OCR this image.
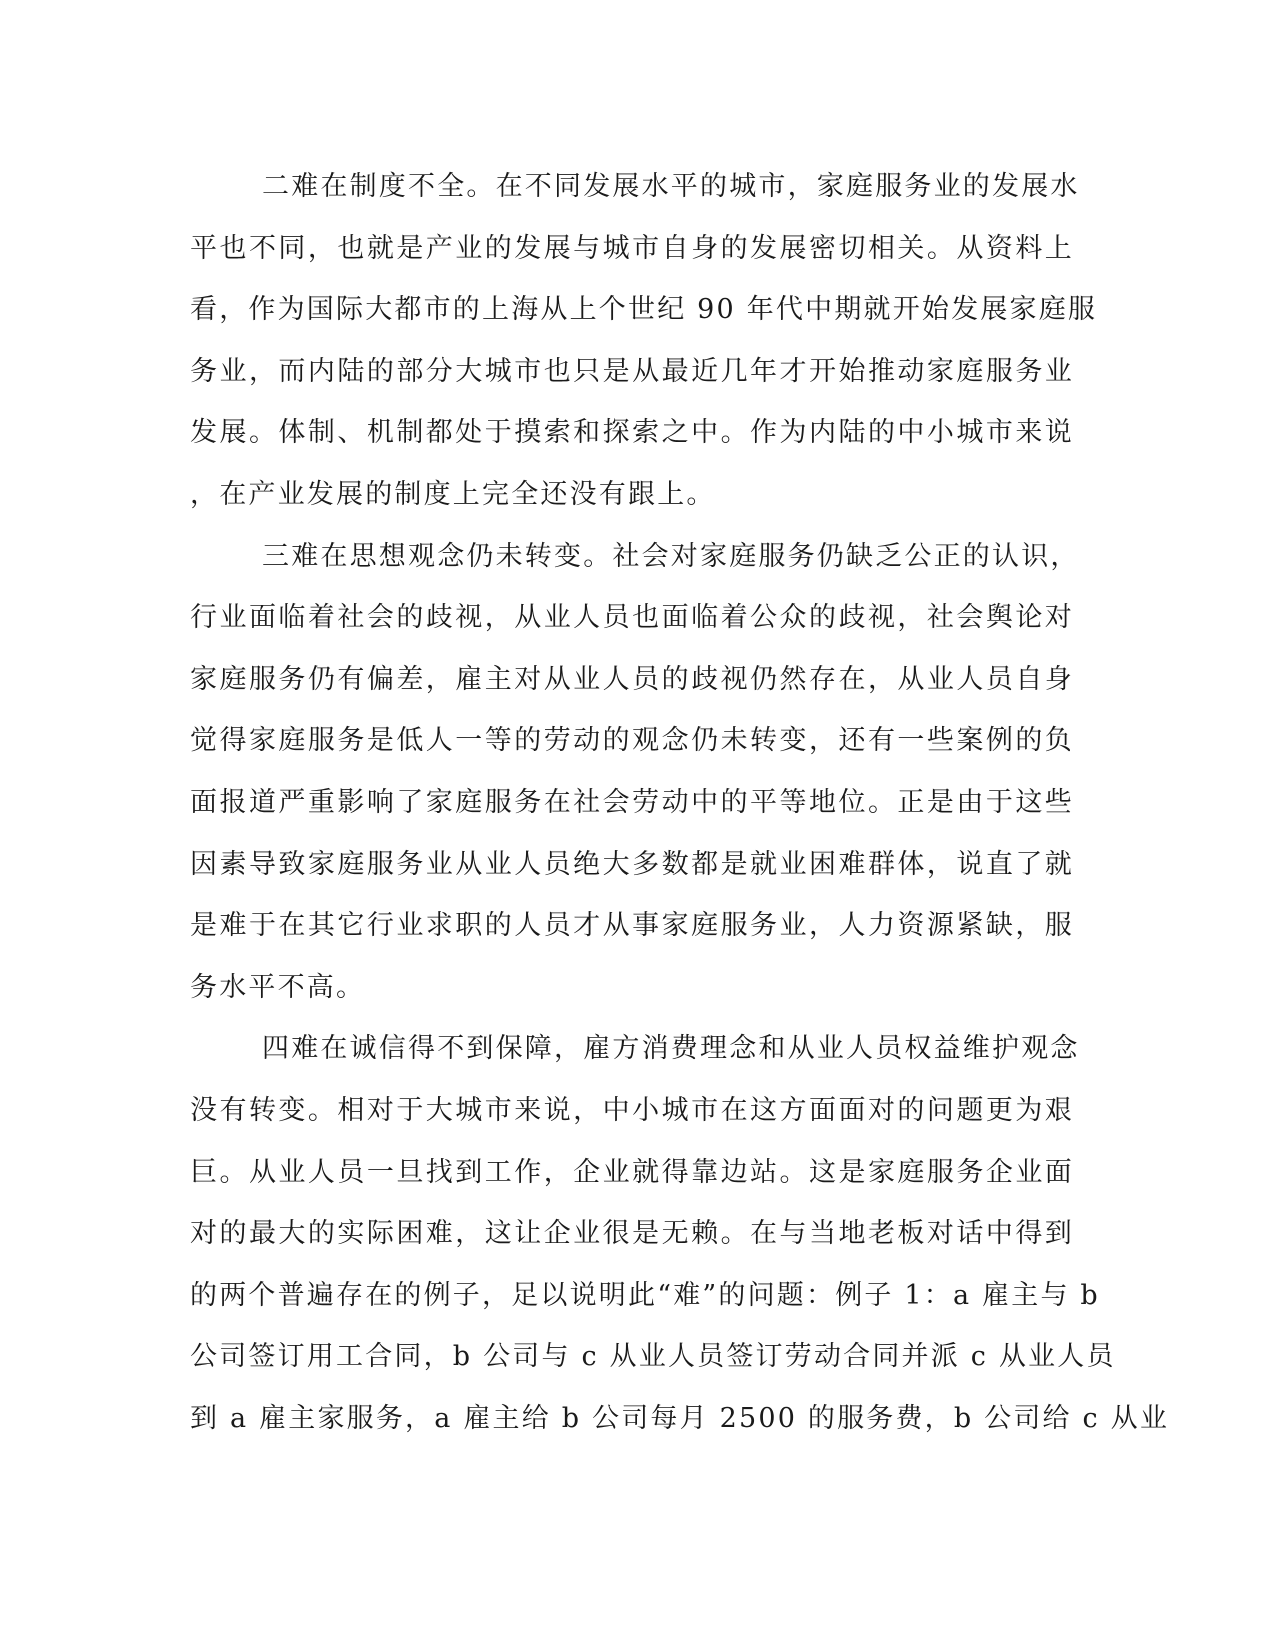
二难在制度不全。在不同发展水平的城市，家庭服务业的发展水
平也不同，也就是产业的发展与城市自身的发展密切相关。从资料上
看，作为国际大都市的上海从上个世纪 90 年代中期就开始发展家庭服
务业，而内陆的部分大城市也只是从最近几年才开始推动家庭服务业
发展。体制、机制都处于摸索和探索之中。作为内陆的中小城市来说
，在产业发展的制度上完全还没有跟上。
三难在思想观念仍未转变。社会对家庭服务仍缺乏公正的认识，
行业面临着社会的歧视，从业人员也面临着公众的歧视，社会舆论对
家庭服务仍有偏差，雇主对从业人员的歧视仍然存在，从业人员自身
觉得家庭服务是低人一等的劳动的观念仍未转变，还有一些案例的负
面报道严重影响了家庭服务在社会劳动中的平等地位。正是由于这些
因素导致家庭服务业从业人员绝大多数都是就业困难群体，说直了就
是难于在其它行业求职的人员才从事家庭服务业，人力资源紧缺，服
务水平不高。
四难在诚信得不到保障，雇方消费理念和从业人员权益维护观念
没有转变。相对于大城市来说，中小城市在这方面面对的问题更为艰
巨。从业人员一旦找到工作，企业就得靠边站。这是家庭服务企业面
对的最大的实际困难，这让企业很是无赖。在与当地老板对话中得到
的两个普遍存在的例子，足以说明此“难”的问题：例子 1：a 雇主与 b
公司签订用工合同，b 公司与 c 从业人员签订劳动合同并派 c 从业人员
到 a 雇主家服务，a 雇主给 b 公司每月 2500 的服务费，b 公司给 c 从业
